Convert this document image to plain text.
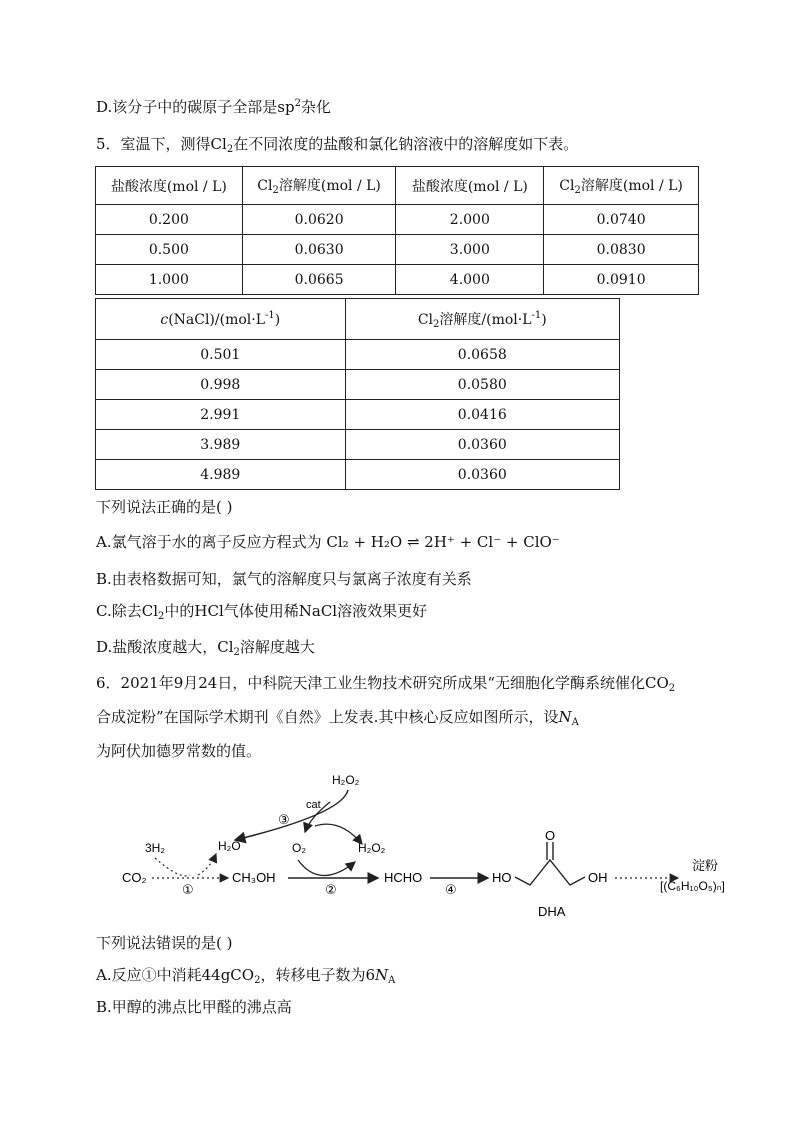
D.该分子中的碳原子全部是$sp^2$杂化
5．室温下，测得$Cl_2$在不同浓度的盐酸和氯化钠溶液中的溶解度如下表。
盐酸浓度(mol / L)	$Cl_2$溶解度(mol / L)	盐酸浓度(mol / L)	$Cl_2$溶解度(mol / L)
0.200	0.0620	2.000	0.0740
0.500	0.0630	3.000	0.0830
1.000	0.0665	4.000	0.0910
$c(NaCl)/(mol\cdot L^{-1})$	$Cl_2$溶解度$/(mol\cdot L^{-1})$
0.501	0.0658
0.998	0.0580
2.991	0.0416
3.989	0.0360
4.989	0.0360
下列说法正确的是( )
A.氯气溶于水的离子反应方程式为 Cl₂ + H₂O ⇌ 2H⁺ + Cl⁻ + ClO⁻
B.由表格数据可知，氯气的溶解度只与氯离子浓度有关系
C.除去$Cl_2$中的HCl气体使用稀NaCl溶液效果更好
D.盐酸浓度越大，$Cl_2$溶解度越大
6．2021年9月24日，中科院天津工业生物技术研究所成果“无细胞化学酶系统催化$CO_2$
合成淀粉”在国际学术期刊《自然》上发表.其中核心反应如图所示，设$N_A$
为阿伏加德罗常数的值。
H₂O₂
cat
③
3H₂	H₂O	O₂	H₂O₂
CO₂
①
CH₃OH
②
HCHO
④
HO
O
OH
DHA
淀粉
[(C₆H₁₀O₅)ₙ]
下列说法错误的是( )
A.反应①中消耗44gCO$_2$，转移电子数为$6N_A$
B.甲醇的沸点比甲醛的沸点高
